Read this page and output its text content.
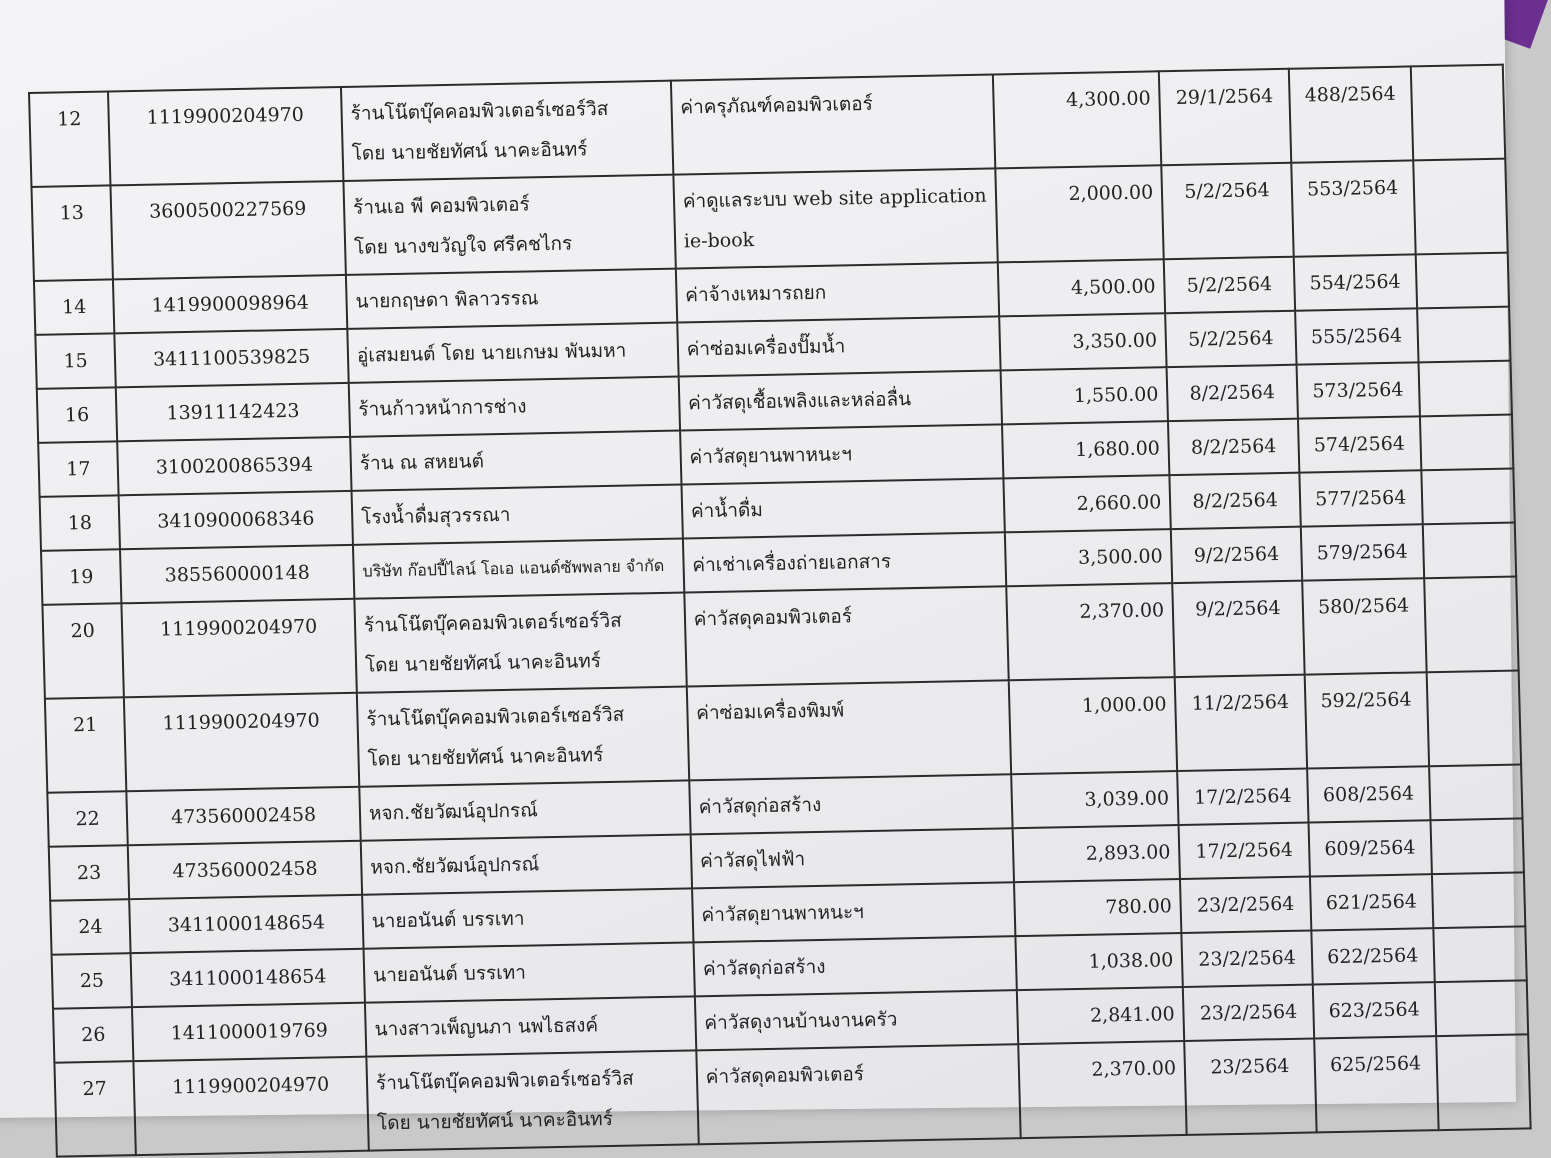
12	1119900204970	ร้านโน๊ตบุ๊คคอมพิวเตอร์เซอร์วิส
โดย นายชัยทัศน์ นาคะอินทร์	ค่าครุภัณฑ์คอมพิวเตอร์	4,300.00	29/1/2564	488/2564	

13	3600500227569	ร้านเอ พี คอมพิวเตอร์
โดย นางขวัญใจ ศรีคชไกร	ค่าดูแลระบบ web site application
ie-book	2,000.00	5/2/2564	553/2564	

14	1419900098964	นายกฤษดา พิลาวรรณ	ค่าจ้างเหมารถยก	4,500.00	5/2/2564	554/2564	

15	3411100539825	อู่เสมยนต์ โดย นายเกษม พันมหา	ค่าซ่อมเครื่องปั๊มน้ำ	3,350.00	5/2/2564	555/2564	

16	13911142423	ร้านก้าวหน้าการช่าง	ค่าวัสดุเชื้อเพลิงและหล่อลื่น	1,550.00	8/2/2564	573/2564	

17	3100200865394	ร้าน ณ สหยนต์	ค่าวัสดุยานพาหนะฯ	1,680.00	8/2/2564	574/2564	

18	3410900068346	โรงน้ำดื่มสุวรรณา	ค่าน้ำดื่ม	2,660.00	8/2/2564	577/2564	

19	385560000148	บริษัท ก๊อปปี้ไลน์ โอเอ แอนด์ซัพพลาย จำกัด	ค่าเช่าเครื่องถ่ายเอกสาร	3,500.00	9/2/2564	579/2564	

20	1119900204970	ร้านโน๊ตบุ๊คคอมพิวเตอร์เซอร์วิส
โดย นายชัยทัศน์ นาคะอินทร์	ค่าวัสดุคอมพิวเตอร์	2,370.00	9/2/2564	580/2564	

21	1119900204970	ร้านโน๊ตบุ๊คคอมพิวเตอร์เซอร์วิส
โดย นายชัยทัศน์ นาคะอินทร์	ค่าซ่อมเครื่องพิมพ์	1,000.00	11/2/2564	592/2564	

22	473560002458	หจก.ชัยวัฒน์อุปกรณ์	ค่าวัสดุก่อสร้าง	3,039.00	17/2/2564	608/2564	

23	473560002458	หจก.ชัยวัฒน์อุปกรณ์	ค่าวัสดุไฟฟ้า	2,893.00	17/2/2564	609/2564	

24	3411000148654	นายอนันต์ บรรเทา	ค่าวัสดุยานพาหนะฯ	780.00	23/2/2564	621/2564	

25	3411000148654	นายอนันต์ บรรเทา	ค่าวัสดุก่อสร้าง	1,038.00	23/2/2564	622/2564	

26	1411000019769	นางสาวเพ็ญนภา นพไธสงค์	ค่าวัสดุงานบ้านงานครัว	2,841.00	23/2/2564	623/2564	

27	1119900204970	ร้านโน๊ตบุ๊คคอมพิวเตอร์เซอร์วิส
โดย นายชัยทัศน์ นาคะอินทร์	ค่าวัสดุคอมพิวเตอร์	2,370.00	23/2564	625/2564	
